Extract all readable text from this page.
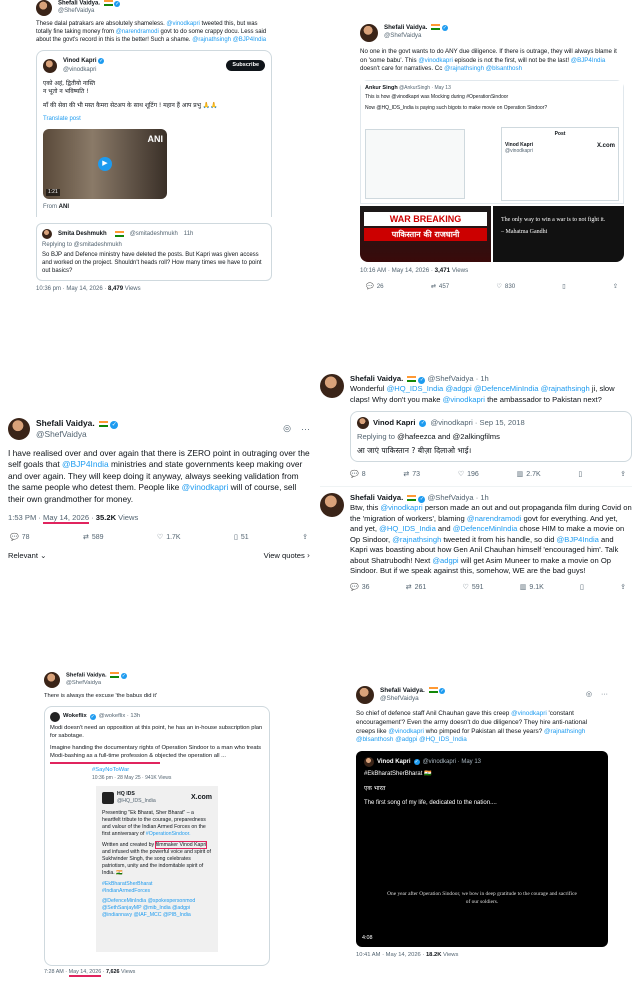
Shefali Vaidya.	✓
@ShefVaidya
These dalal patrakars are absolutely shameless. @vinodkapri tweeted this, but was totally fine taking money from @narendramodi govt to do some crappy docu. Less said about the govt's record in this is the better! Such a shame. @rajnathsingh @BJP4India
Vinod Kapri ✓
@vinodkapri
Subscribe
एको अहं, द्वितीयो नास्ति
न भूतो न भविष्यति !
माँ की सेवा की भी मस्त कैमरा सेटअप के साथ शूटिंग ! महान हैं आप प्रभु 🙏🙏
Translate post
ANI
▶
1:21
From ANI
Smita Deshmukh	@smitadeshmukh 11h
Replying to @smitadeshmukh
So BJP and Defence ministry have deleted the posts. But Kapri was given access and worked on the project. Shouldn't heads roll? How many times we have to point out basics?
10:36 pm · May 14, 2026 · 8,479 Views
Shefali Vaidya.	✓
@ShefVaidya
No one in the govt wants to do ANY due diligence. If there is outrage, they will always blame it on 'some babu'. This @vinodkapri episode is not the first, will not be the last! @BJP4India doesn't care for narratives. Cc @rajnathsingh @blsanthosh
Ankur Singh @AnkurSingh · May 13
This is how @vinodkapri was Mocking during #OperationSindoor
Now @HQ_IDS_India is paying such bigots to make movie on Operation Sindoor?
Post
Vinod Kapri
@vinodkapri
X.com
WAR BREAKING
पाकिस्तान की राजधानी
The only way to win a war is to not fight it.
– Mahatma Gandhi
10:16 AM · May 14, 2026 · 3,471 Views
💬 26	⇄ 457	♡ 830	▯	⇪
Shefali Vaidya.	✓
@ShefVaidya
◎ ···
I have realised over and over again that there is ZERO point in outraging over the self goals that @BJP4India ministries and state governments keep making over and over again. They will keep doing it anyway, always seeking validation from the same people who detest them. People like @vinodkapri will of course, sell their own grandmother for money.
1:53 PM · May 14, 2026 · 35.2K Views
💬 78	⇄ 589	♡ 1.7K	▯ 51	⇪
Relevant ⌄	View quotes ›
Shefali Vaidya.	✓ @ShefVaidya · 1h
Wonderful @HQ_IDS_India @adgpi @DefenceMinIndia @rajnathsingh ji, slow claps! Why don't you make @vinodkapri the ambassador to Pakistan next?
Vinod Kapri ✓ @vinodkapri · Sep 15, 2018
Replying to @hafeezca and @2alkingfilms
आ जाएं पाकिस्तान ? बीज़ा दिलाओ भाई।
💬 8	⇄ 73	♡ 196	▥ 2.7K	▯	⇪
Shefali Vaidya.	✓ @ShefVaidya · 1h
Btw, this @vinodkapri person made an out and out propaganda film during Covid on the 'migration of workers', blaming @narendramodi govt for everything. And yet, and yet, @HQ_IDS_India and @DefenceMinIndia chose HIM to make a movie on Op Sindoor, @rajnathsingh tweeted it from his handle, so did @BJP4India and Kapri was boasting about how Gen Anil Chauhan himself 'encouraged him'. Talk about Shatrubodh! Next @adgpi will get Asim Muneer to make a movie on Op Sindoor. But if we speak against this, somehow, WE are the bad guys!
💬 36	⇄ 261	♡ 591	▥ 9.1K	▯	⇪
Shefali Vaidya.	✓
@ShefVaidya
There is always the excuse 'the babus did it'
Wokeflix ✓ @wokeflix · 13h
Modi doesn't need an opposition at this point, he has an in-house subscription plan for sabotage.
Imagine handing the documentary rights of Operation Sindoor to a man who treats Modi-bashing as a full-time profession & objected the operation all ...
#SayNoToWar
10:36 pm · 28 May 25 · 941K Views
HQ IDS
@HQ_IDS_India	X.com
Presenting "Ek Bharat, Sher Bharat" – a heartfelt tribute to the courage, preparedness and valour of the Indian Armed Forces on the first anniversary of #OperationSindoor.
Written and created by filmmaker Vinod Kapri and infused with the powerful voice and spirit of Sukhvinder Singh, the song celebrates patriotism, unity and the indomitable spirit of India. 🇮🇳
#EkBharatSherBharat
#IndianArmedForces
@DefenceMinIndia @spokespersonmod
@SethSanjayMP @mib_India @adgpi
@indiannavy @IAF_MCC @PIB_India
7:28 AM · May 14, 2026 · 7,626 Views
Shefali Vaidya.	✓
@ShefVaidya
◎ ···
So chief of defence staff Anil Chauhan gave this creep @vinodkapri 'constant encouragement'? Even the army doesn't do due diligence? They hire anti-national creeps like @vinodkapri who pimped for Pakistan all these years? @rajnathsingh @blsanthosh @adgpi @HQ_IDS_India
Vinod Kapri ✓ @vinodkapri · May 13
#EkBharatSherBharat 🇮🇳
एक भारत
The first song of my life, dedicated to the nation....
One year after Operation Sindoor, we bow in deep gratitude to the courage and sacrifice of our soldiers.
4:08
10:41 AM · May 14, 2026 · 18.2K Views
